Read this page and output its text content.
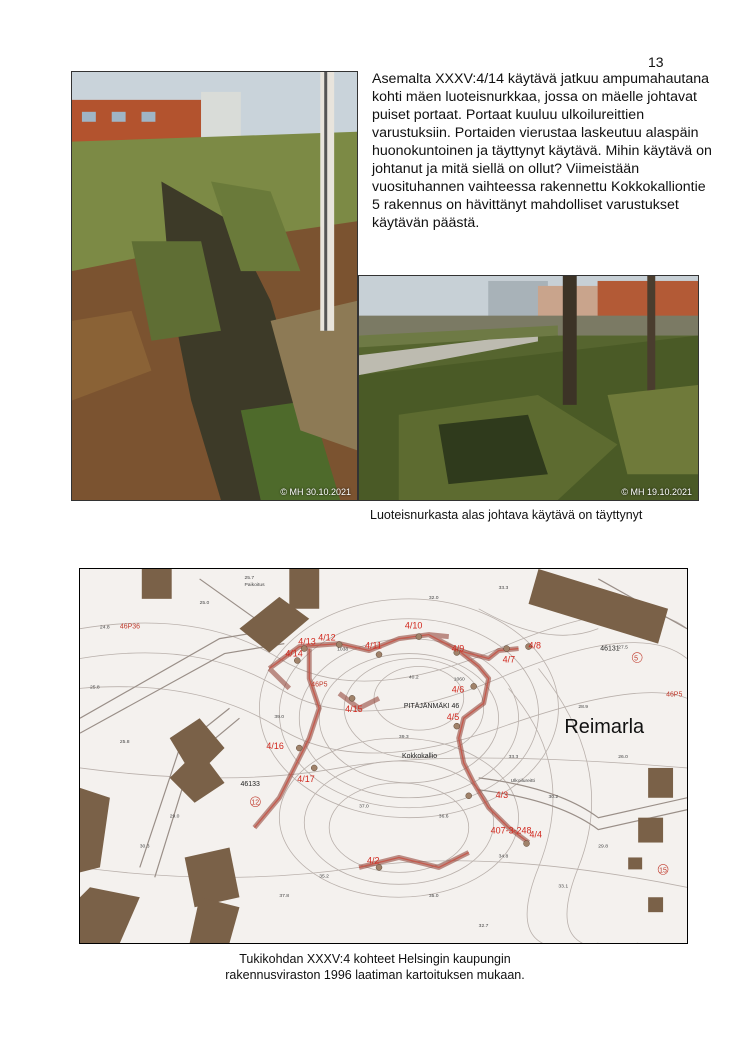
13
© MH 30.10.2021

Asemalta XXXV:4/14 käytävä jatkuu ampumahautana kohti mäen luoteisnurkkaa, jossa on mäelle johtavat puiset portaat. Portaat kuuluu ulkoilureittien varustuksiin. Portaiden vierustaa laskeutuu alaspäin huonokuntoinen ja täyttynyt käytävä. Mihin käytävä on johtanut ja mitä siellä on ollut? Viimeistään vuosituhannen vaihteessa rakennettu Kokkokalliontie 5 rakennus on hävittänyt mahdolliset varustukset käytävän päästä.

© MH 19.10.2021
Luoteisnurkasta alas johtava käytävä on täyttynyt
25.7
25.0
24.8
25.8
25.8
32.0
33.3
27.5
28.9
26.0
40.2
39.3
33.3
30.2
36.6
34.8
37.0
35.2
35.0
33.1
29.0
30.3
39.0
29.8
37.8
32.7
4/2
4/3
4/4
4/5
4/6
4/7
4/8
4/9
4/10
4/11
4/12
4/13
4/14
4/15
4/16
4/17
Reimarla
PITÄJÄNMÄKI 46
Kokkokallio
46131
46133
46P36
46P5
46P5
407-3-248
1038
1060
Ulkoilureitti
Paikoitus
5
12
15
Tukikohdan XXXV:4 kohteet Helsingin kaupungin
rakennusviraston 1996 laatiman kartoituksen mukaan.
